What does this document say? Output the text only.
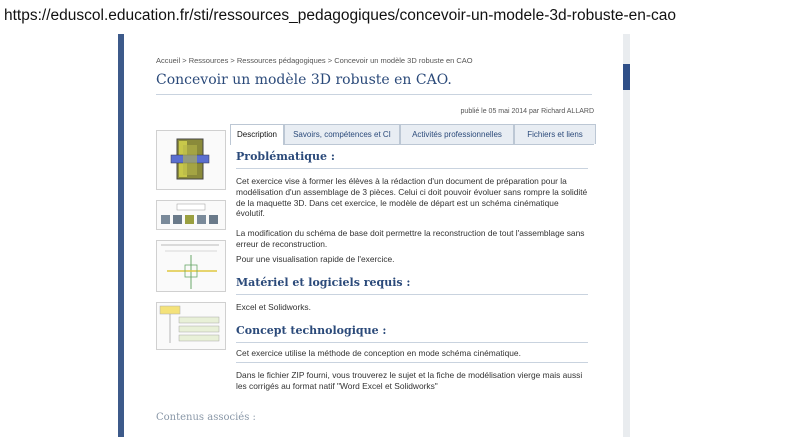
https://eduscol.education.fr/sti/ressources_pedagogiques/concevoir-un-modele-3d-robuste-en-cao
Accueil > Ressources > Ressources pédagogiques > Concevoir un modèle 3D robuste en CAO
Concevoir un modèle 3D robuste en CAO.
publié le 05 mai 2014 par Richard ALLARD
Description	Savoirs, compétences et CI	Activités professionnelles	Fichiers et liens
Problématique :
Cet exercice vise à former les élèves à la rédaction d'un document de préparation pour la modélisation d'un assemblage de 3 pièces. Celui ci doit pouvoir évoluer sans rompre la solidité de la maquette 3D. Dans cet exercice, le modèle de départ est un schéma cinématique évolutif.
La modification du schéma de base doit permettre la reconstruction de tout l'assemblage sans erreur de reconstruction.
Pour une visualisation rapide de l'exercice.
Matériel et logiciels requis :
Excel et Solidworks.
Concept technologique :
Cet exercice utilise la méthode de conception en mode schéma cinématique.
Dans le fichier ZIP fourni, vous trouverez le sujet et la fiche de modélisation vierge mais aussi les corrigés au format natif "Word Excel et Solidworks"
Contenus associés :
